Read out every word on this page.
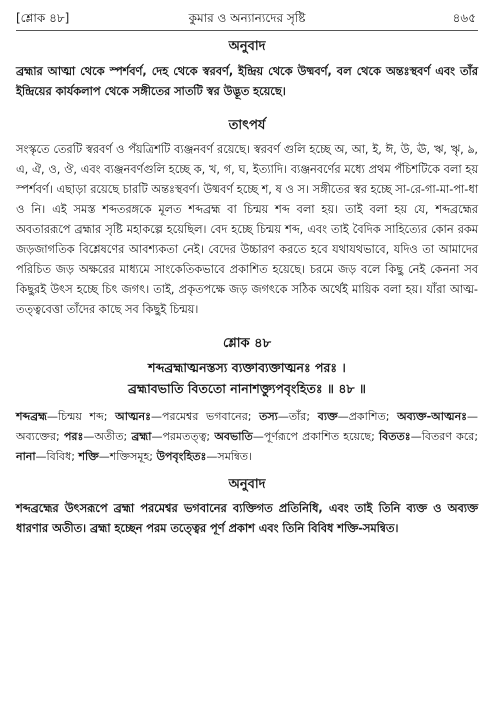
[শ্লোক ৪৮]	কুমার ও অন্যান্যদের সৃষ্টি	৪৬৫
অনুবাদ

ব্রহ্মার আত্মা থেকে স্পর্শবর্ণ, দেহ থেকে স্বরবর্ণ, ইন্দ্রিয় থেকে উষ্মবর্ণ, বল থেকে অন্তঃস্থবর্ণ এবং তাঁর ইন্দ্রিয়ের কার্যকলাপ থেকে সঙ্গীতের সাতটি স্বর উদ্ভূত হয়েছে।

তাৎপর্য

সংস্কৃতে তেরটি স্বরবর্ণ ও পঁয়ত্রিশটি ব্যঞ্জনবর্ণ রয়েছে। স্বরবর্ণ গুলি হচ্ছে অ, আ, ই, ঈ, উ, ঊ, ঋ, ৠ, ঌ, এ, ঐ, ও, ঔ, এবং ব্যঞ্জনবর্ণগুলি হচ্ছে ক, খ, গ, ঘ, ইত্যাদি। ব্যঞ্জনবর্ণের মধ্যে প্রথম পঁচিশটিকে বলা হয় স্পর্শবর্ণ। এছাড়া রয়েছে চারটি অন্তঃস্থবর্ণ। উষ্মবর্ণ হচ্ছে শ, ষ ও স। সঙ্গীতের স্বর হচ্ছে সা-রে-গা-মা-পা-ধা ও নি। এই সমস্ত শব্দতরঙ্গকে মূলত শব্দব্রহ্ম বা চিন্ময় শব্দ বলা হয়। তাই বলা হয় যে, শব্দব্রহ্মের অবতাররূপে ব্রহ্মার সৃষ্টি মহাকল্পে হয়েছিল। বেদ হচ্ছে চিন্ময় শব্দ, এবং তাই বৈদিক সাহিত্যের কোন রকম জড়জাগতিক বিশ্লেষণের আবশ্যকতা নেই। বেদের উচ্চারণ করতে হবে যথাযথভাবে, যদিও তা আমাদের পরিচিত জড় অক্ষরের মাধ্যমে সাংকেতিকভাবে প্রকাশিত হয়েছে। চরমে জড় বলে কিছু নেই কেননা সব কিছুরই উৎস হচ্ছে চিৎ জগৎ। তাই, প্রকৃতপক্ষে জড় জগৎকে সঠিক অর্থেই মায়িক বলা হয়। যাঁরা আত্ম-তত্ত্ববেত্তা তাঁদের কাছে সব কিছুই চিন্ময়।

শ্লোক ৪৮

শব্দব্রহ্মাত্মনস্তস্য ব্যক্তাব্যক্তাত্মনঃ পরঃ ।

ব্রহ্মাবভাতি বিততো নানাশক্ত্যুপবৃংহিতঃ ॥ ৪৮ ॥

শব্দব্রহ্ম—চিন্ময় শব্দ; আত্মনঃ—পরমেশ্বর ভগবানের; তস্য—তাঁর; ব্যক্ত—প্রকাশিত; অব্যক্ত-আত্মনঃ—অব্যক্তের; পরঃ—অতীত; ব্রহ্মা—পরমতত্ত্ব; অবভাতি—পূর্ণরূপে প্রকাশিত হয়েছে; বিততঃ—বিতরণ করে; নানা—বিবিধ; শক্তি—শক্তিসমূহ; উপবৃংহিতঃ—সমন্বিত।

অনুবাদ

শব্দব্রহ্মের উৎসরূপে ব্রহ্মা পরমেশ্বর ভগবানের ব্যক্তিগত প্রতিনিধি, এবং তাই তিনি ব্যক্ত ও অব্যক্ত ধারণার অতীত। ব্রহ্মা হচ্ছেন পরম তত্ত্বের পূর্ণ প্রকাশ এবং তিনি বিবিধ শক্তি-সমন্বিত।
